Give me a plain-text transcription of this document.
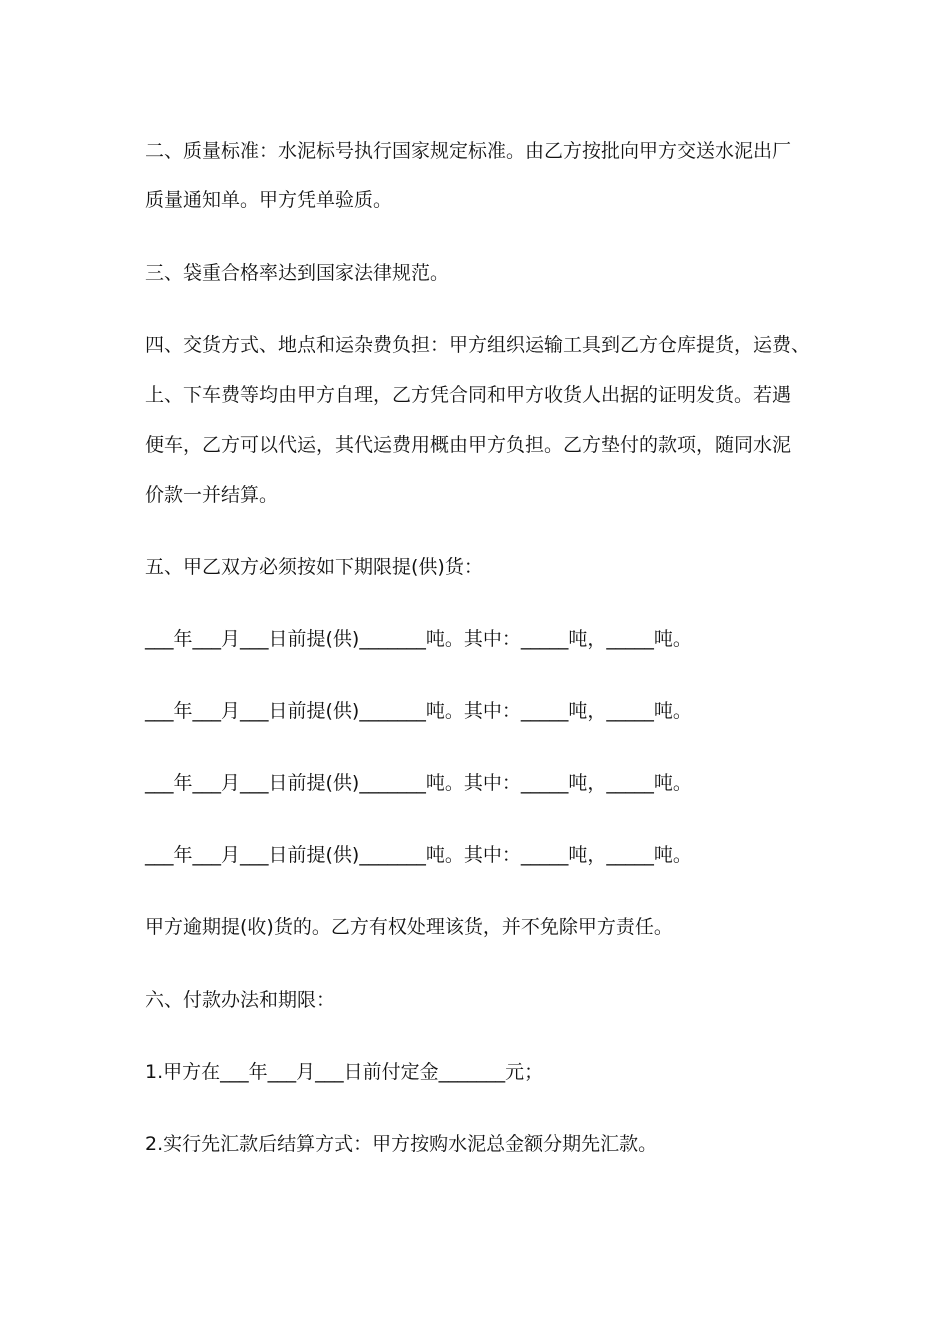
二、质量标准：水泥标号执行国家规定标准。由乙方按批向甲方交送水泥出厂

质量通知单。甲方凭单验质。

三、袋重合格率达到国家法律规范。

四、交货方式、地点和运杂费负担：甲方组织运输工具到乙方仓库提货，运费、

上、下车费等均由甲方自理，乙方凭合同和甲方收货人出据的证明发货。若遇

便车，乙方可以代运，其代运费用概由甲方负担。乙方垫付的款项，随同水泥

价款一并结算。

五、甲乙双方必须按如下期限提(供)货：

___年___月___日前提(供)_______吨。其中：_____吨，_____吨。

___年___月___日前提(供)_______吨。其中：_____吨，_____吨。

___年___月___日前提(供)_______吨。其中：_____吨，_____吨。

___年___月___日前提(供)_______吨。其中：_____吨，_____吨。

甲方逾期提(收)货的。乙方有权处理该货，并不免除甲方责任。

六、付款办法和期限：

1.甲方在___年___月___日前付定金_______元；

2.实行先汇款后结算方式：甲方按购水泥总金额分期先汇款。
